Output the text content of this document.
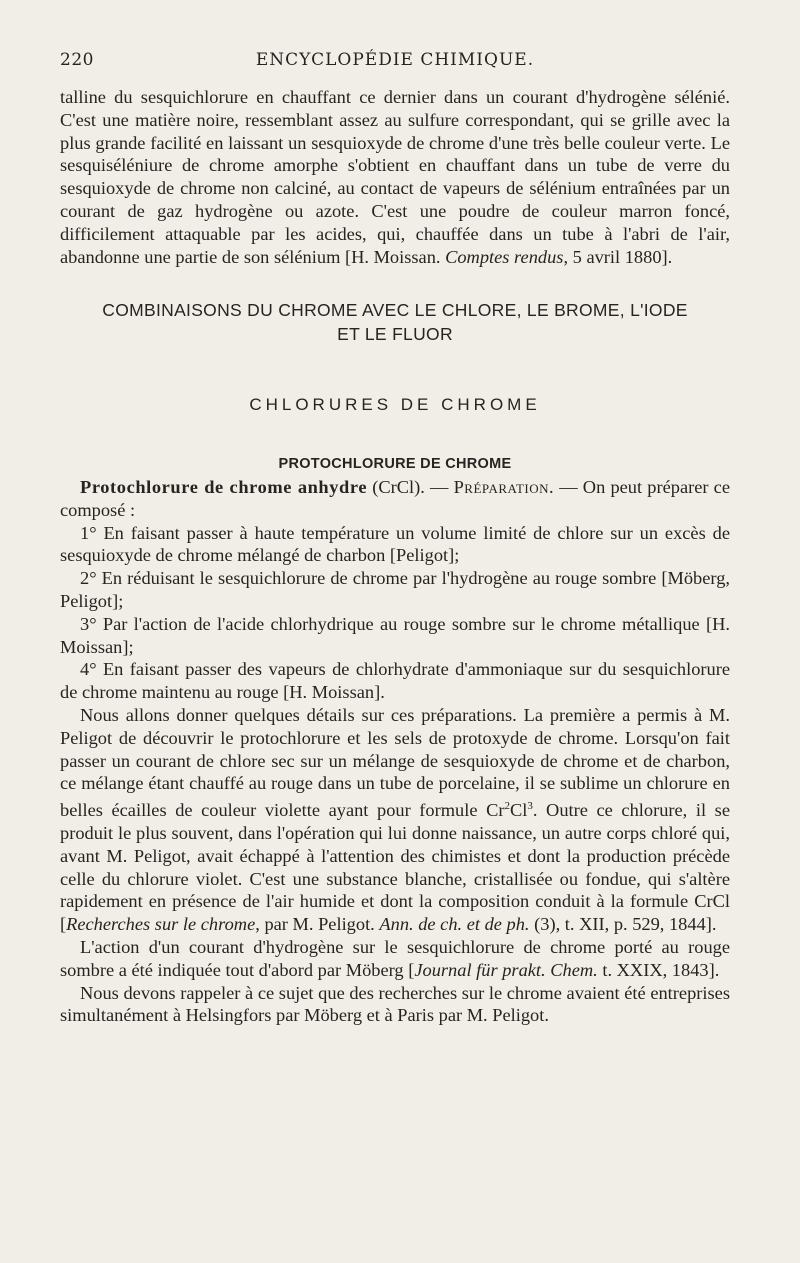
220	ENCYCLOPÉDIE CHIMIQUE.

talline du sesquichlorure en chauffant ce dernier dans un courant d'hydrogène sélénié. C'est une matière noire, ressemblant assez au sulfure correspondant, qui se grille avec la plus grande facilité en laissant un sesquioxyde de chrome d'une très belle couleur verte. Le sesquiséléniure de chrome amorphe s'obtient en chauffant dans un tube de verre du sesquioxyde de chrome non calciné, au contact de vapeurs de sélénium entraînées par un courant de gaz hydrogène ou azote. C'est une poudre de couleur marron foncé, difficilement attaquable par les acides, qui, chauffée dans un tube à l'abri de l'air, abandonne une partie de son sélénium [H. Moissan. Comptes rendus, 5 avril 1880].

COMBINAISONS DU CHROME AVEC LE CHLORE, LE BROME, L'IODE
ET LE FLUOR
CHLORURES DE CHROME
PROTOCHLORURE DE CHROME

Protochlorure de chrome anhydre (CrCl). — Préparation. — On peut préparer ce composé :

1° En faisant passer à haute température un volume limité de chlore sur un excès de sesquioxyde de chrome mélangé de charbon [Peligot];

2° En réduisant le sesquichlorure de chrome par l'hydrogène au rouge sombre [Möberg, Peligot];

3° Par l'action de l'acide chlorhydrique au rouge sombre sur le chrome métallique [H. Moissan];

4° En faisant passer des vapeurs de chlorhydrate d'ammoniaque sur du sesquichlorure de chrome maintenu au rouge [H. Moissan].

Nous allons donner quelques détails sur ces préparations. La première a permis à M. Peligot de découvrir le protochlorure et les sels de protoxyde de chrome. Lorsqu'on fait passer un courant de chlore sec sur un mélange de sesquioxyde de chrome et de charbon, ce mélange étant chauffé au rouge dans un tube de porcelaine, il se sublime un chlorure en belles écailles de couleur violette ayant pour formule Cr$^2$Cl$^3$. Outre ce chlorure, il se produit le plus souvent, dans l'opération qui lui donne naissance, un autre corps chloré qui, avant M. Peligot, avait échappé à l'attention des chimistes et dont la production précède celle du chlorure violet. C'est une substance blanche, cristallisée ou fondue, qui s'altère rapidement en présence de l'air humide et dont la composition conduit à la formule CrCl [Recherches sur le chrome, par M. Peligot. Ann. de ch. et de ph. (3), t. XII, p. 529, 1844].

L'action d'un courant d'hydrogène sur le sesquichlorure de chrome porté au rouge sombre a été indiquée tout d'abord par Möberg [Journal für prakt. Chem. t. XXIX, 1843].

Nous devons rappeler à ce sujet que des recherches sur le chrome avaient été entreprises simultanément à Helsingfors par Möberg et à Paris par M. Peligot.
